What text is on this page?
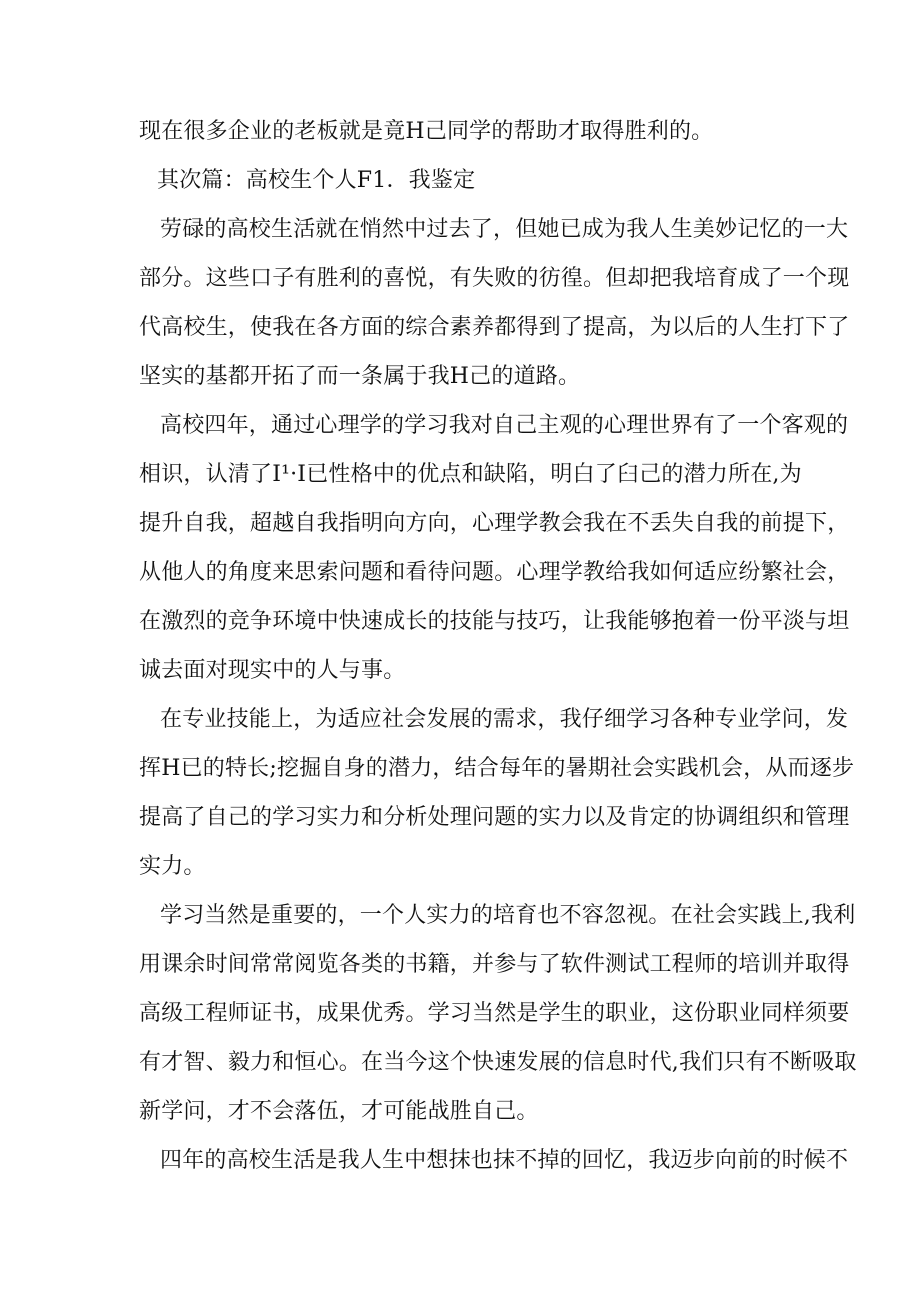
现在很多企业的老板就是竟H己同学的帮助才取得胜利的。
其次篇：高校生个人F1．我鉴定
劳碌的高校生活就在悄然中过去了，但她已成为我人生美妙记忆的一大
部分。这些口子有胜利的喜悦，有失败的彷徨。但却把我培育成了一个现
代高校生，使我在各方面的综合素养都得到了提高，为以后的人生打下了
坚实的基都开拓了而一条属于我H己的道路。
高校四年，通过心理学的学习我对自己主观的心理世界有了一个客观的
相识，认清了I¹·I已性格中的优点和缺陷，明白了臼己的潜力所在,为
提升自我，超越自我指明向方向，心理学教会我在不丢失自我的前提下，
从他人的角度来思索问题和看待问题。心理学教给我如何适应纷繁社会，
在激烈的竞争环境中快速成长的技能与技巧，让我能够抱着一份平淡与坦
诚去面对现实中的人与事。
在专业技能上，为适应社会发展的需求，我仔细学习各种专业学问，发
挥H已的特长;挖掘自身的潜力，结合每年的暑期社会实践机会，从而逐步
提高了自己的学习实力和分析处理问题的实力以及肯定的协调组织和管理
实力。
学习当然是重要的，一个人实力的培育也不容忽视。在社会实践上,我利
用课余时间常常阅览各类的书籍，并参与了软件测试工程师的培训并取得
高级工程师证书，成果优秀。学习当然是学生的职业，这份职业同样须要
有才智、毅力和恒心。在当今这个快速发展的信息时代,我们只有不断吸取
新学问，才不会落伍，才可能战胜自己。
四年的高校生活是我人生中想抹也抹不掉的回忆，我迈步向前的时候不
